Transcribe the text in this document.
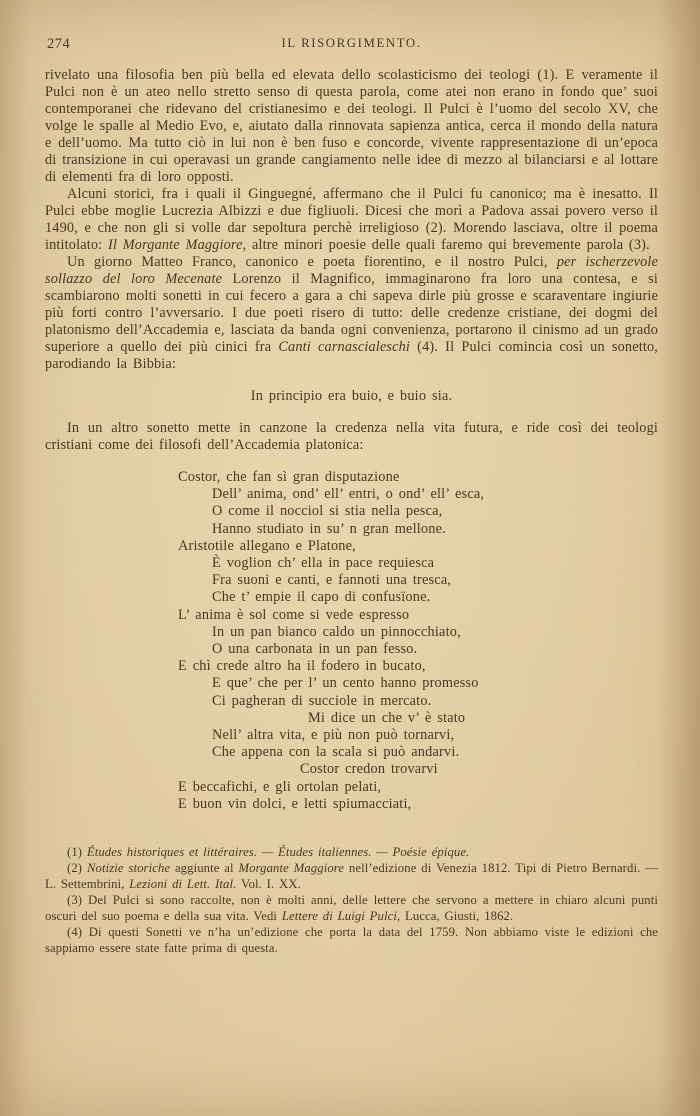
274	IL RISORGIMENTO.

rivelato una filosofia ben più bella ed elevata dello scolasticismo dei teologi (1). E veramente il Pulci non è un ateo nello stretto senso di questa parola, come atei non erano in fondo que’ suoi contemporanei che ridevano del cristianesimo e dei teologi. Il Pulci è l’uomo del secolo XV, che volge le spalle al Medio Evo, e, aiutato dalla rinnovata sapienza antica, cerca il mondo della natura e dell’uomo. Ma tutto ciò in lui non è ben fuso e concorde, vivente rappresentazione di un’epoca di transizione in cui operavasi un grande cangiamento nelle idee di mezzo al bilanciarsi e al lottare di elementi fra di loro opposti.

Alcuni storici, fra i quali il Ginguegné, affermano che il Pulci fu canonico; ma è inesatto. Il Pulci ebbe moglie Lucrezia Albizzi e due figliuoli. Dicesi che morì a Padova assai povero verso il 1490, e che non gli si volle dar sepoltura perchè irreligioso (2). Morendo lasciava, oltre il poema intitolato: Il Morgante Maggiore, altre minori poesie delle quali faremo qui brevemente parola (3).

Un giorno Matteo Franco, canonico e poeta fiorentino, e il nostro Pulci, per ischerzevole sollazzo del loro Mecenate Lorenzo il Magnifico, immaginarono fra loro una contesa, e si scambiarono molti sonetti in cui fecero a gara a chi sapeva dirle più grosse e scaraventare ingiurie più forti contro l’avversario. I due poeti risero di tutto: delle credenze cristiane, dei dogmi del platonismo dell’Accademia e, lasciata da banda ogni convenienza, portarono il cinismo ad un grado superiore a quello dei più cinici fra Canti carnascialeschi (4). Il Pulci comincia così un sonetto, parodiando la Bibbia:

In principio era buio, e buio sia.

In un altro sonetto mette in canzone la credenza nella vita futura, e ride così dei teologi cristiani come dei filosofi dell’Accademia platonica:

Costor, che fan sì gran disputazione
Dell’ anima, ond’ ell’ entri, o ond’ ell’ esca,
O come il nocciol si stia nella pesca,
Hanno studiato in su’ n gran mellone.
Aristotile allegano e Platone,
È voglion ch’ ella in pace requiesca
Fra suoni e canti, e fannoti una tresca,
Che t’ empie il capo di confusïone.
L’ anima è sol come si vede espresso
In un pan bianco caldo un pinnocchiato,
O una carbonata in un pan fesso.
E chì crede altro ha il fodero in bucato,
E que’ che per l’ un cento hanno promesso
Ci pagheran di succiole in mercato.
Mi dice un che v’ è stato
Nell’ altra vita, e più non può tornarvi,
Che appena con la scala si può andarvi.
Costor credon trovarvi
E beccafichi, e gli ortolan pelati,
E buon vin dolci, e letti spiumacciati,

(1) Études historiques et littéraires. — Études italiennes. — Poésie épique.

(2) Notizie storiche aggiunte al Morgante Maggiore nell’edizione di Venezia 1812. Tipi di Pietro Bernardi. — L. Settembrini, Lezioni di Lett. Ital. Vol. I. XX.

(3) Del Pulci si sono raccolte, non è molti anni, delle lettere che servono a mettere in chiaro alcuni punti oscuri del suo poema e della sua vita. Vedi Lettere di Luigi Pulci, Lucca, Giusti, 1862.

(4) Di questi Sonetti ve n’ha un’edizione che porta la data del 1759. Non abbiamo viste le edizioni che sappiamo essere state fatte prima di questa.
